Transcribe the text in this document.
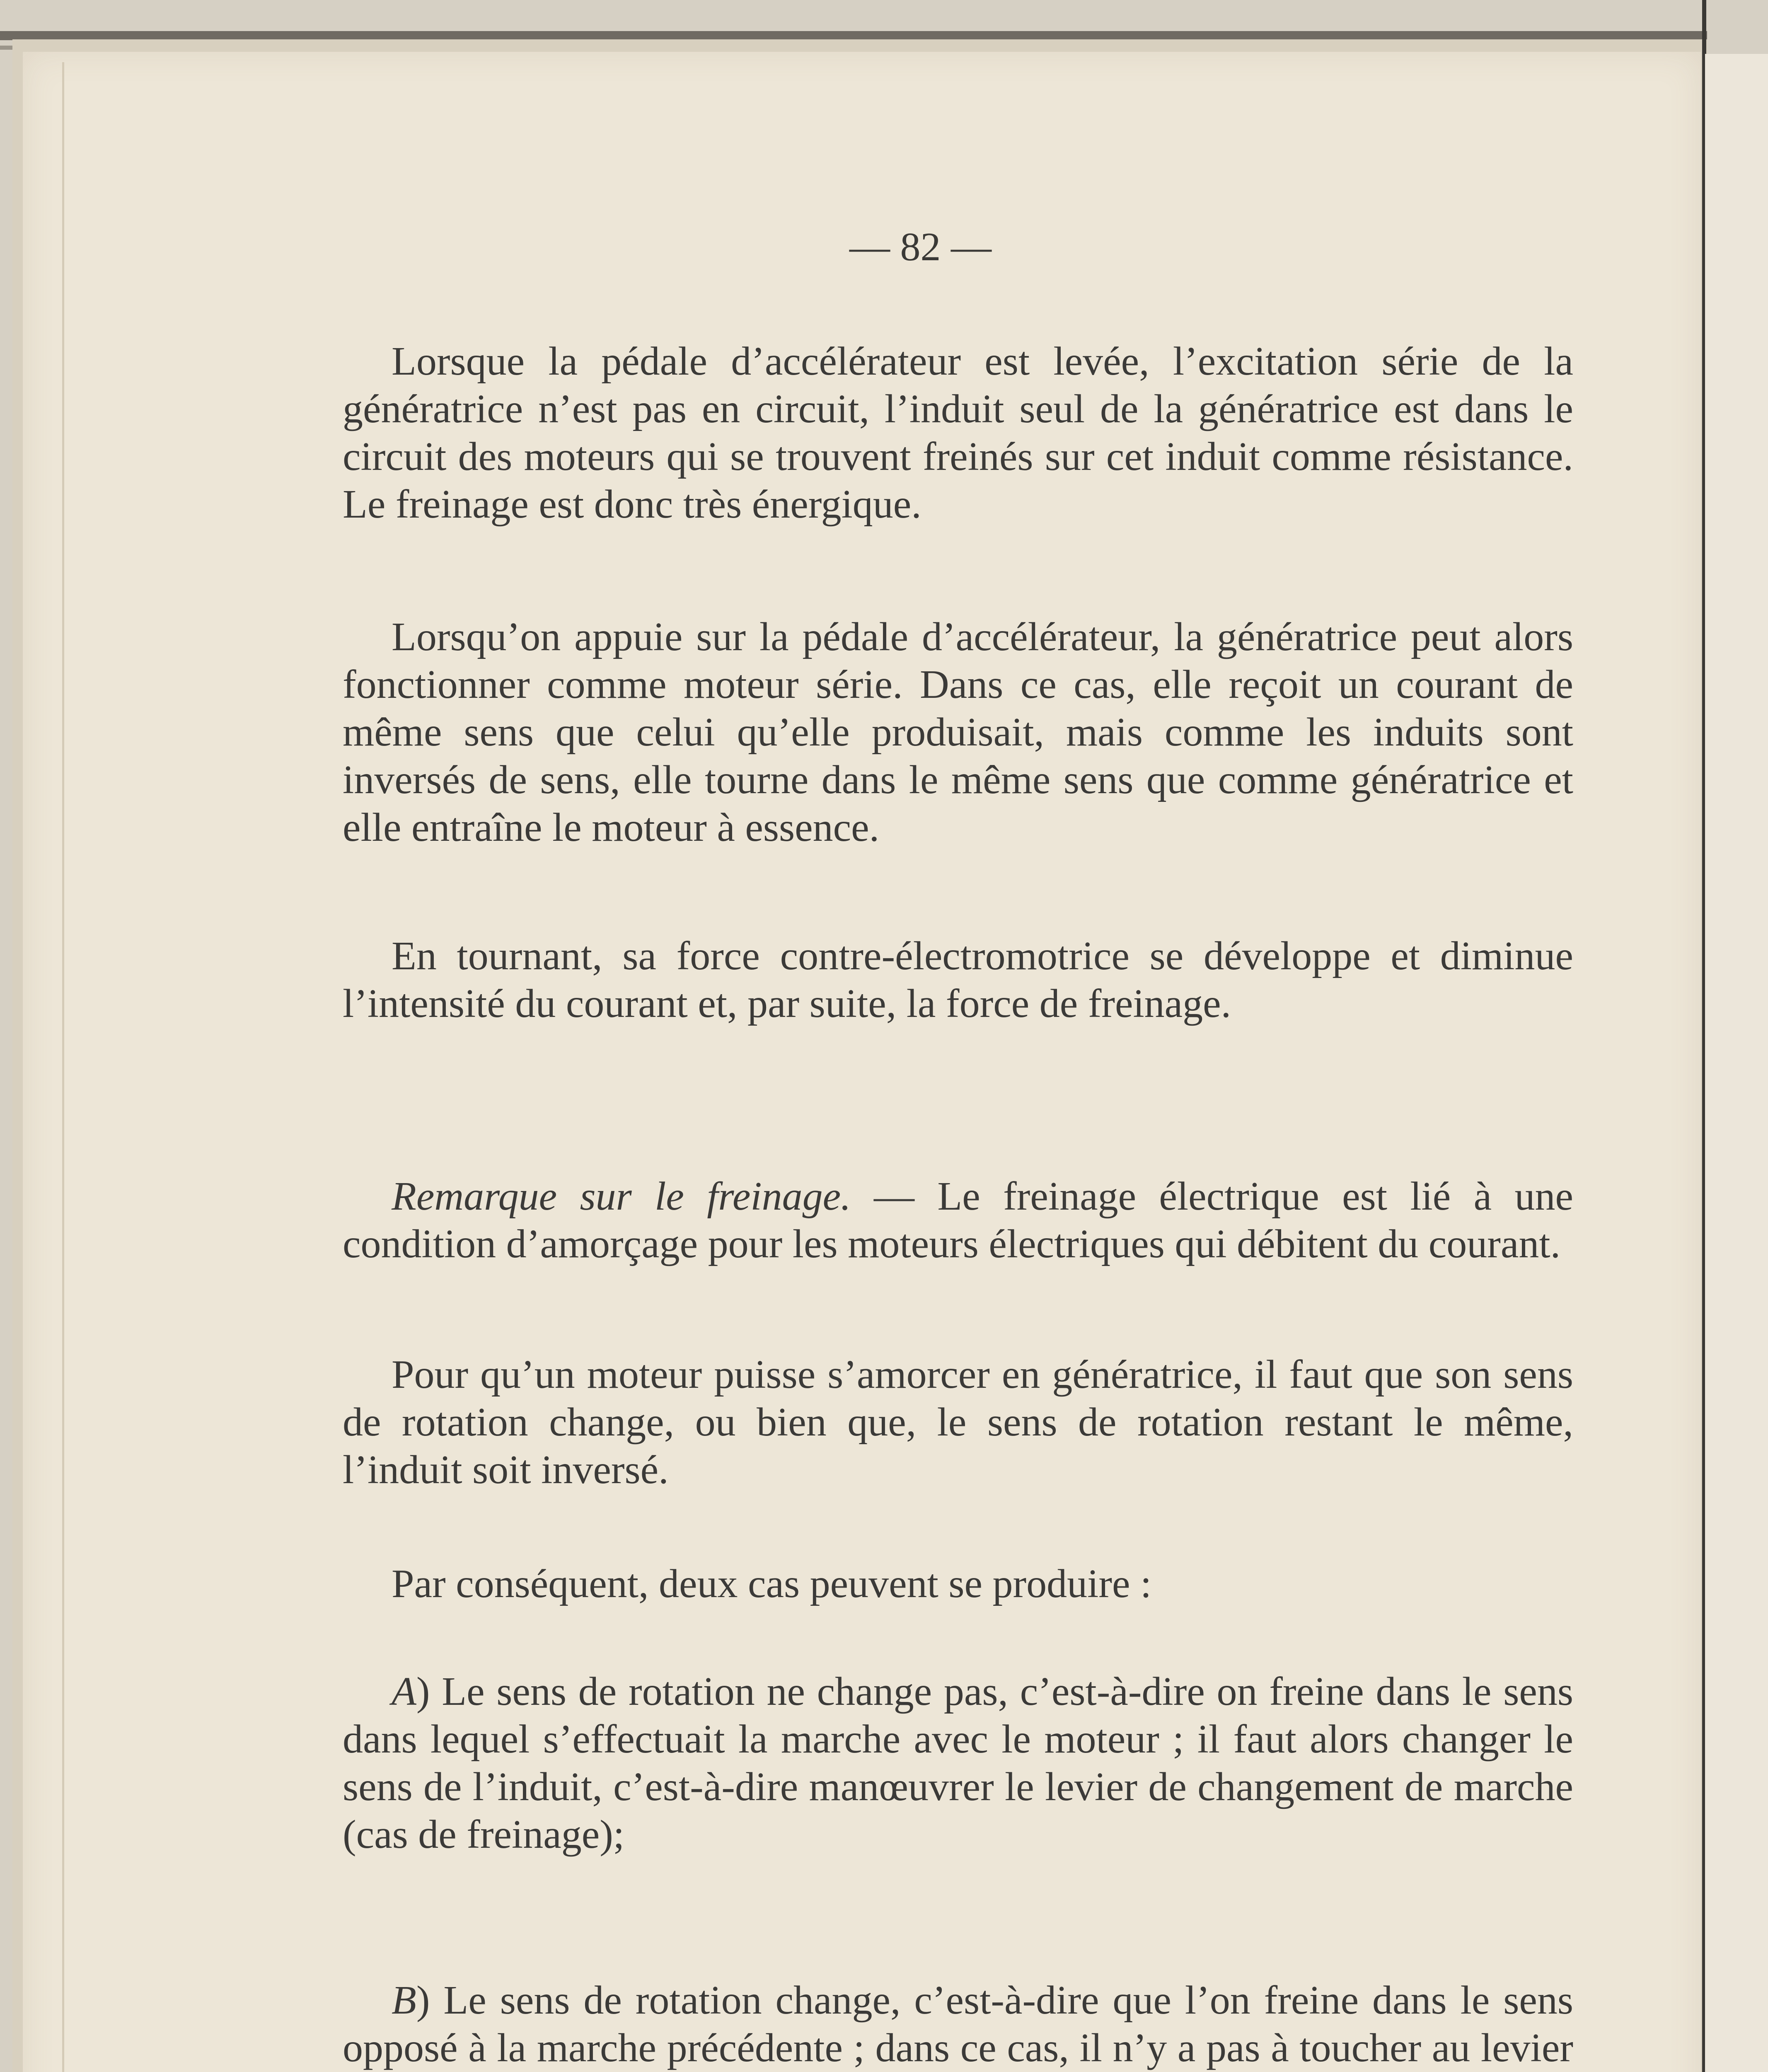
— 82 —

Lorsque la pédale d’accélérateur est levée, l’excitation série de la génératrice n’est pas en circuit, l’induit seul de la génératrice est dans le circuit des moteurs qui se trouvent freinés sur cet induit comme résistance. Le freinage est donc très énergique.

Lorsqu’on appuie sur la pédale d’accélérateur, la génératrice peut alors fonctionner comme moteur série. Dans ce cas, elle reçoit un courant de même sens que celui qu’elle produisait, mais comme les induits sont inversés de sens, elle tourne dans le même sens que comme génératrice et elle entraîne le moteur à essence.

En tournant, sa force contre-électromotrice se développe et diminue l’intensité du courant et, par suite, la force de freinage.

Remarque sur le freinage. — Le freinage électrique est lié à une condition d’amorçage pour les moteurs électriques qui débitent du courant.

Pour qu’un moteur puisse s’amorcer en génératrice, il faut que son sens de rotation change, ou bien que, le sens de rotation restant le même, l’induit soit inversé.

Par conséquent, deux cas peuvent se produire :

A) Le sens de rotation ne change pas, c’est-à-dire on freine dans le sens dans lequel s’effectuait la marche avec le moteur ; il faut alors changer le sens de l’induit, c’est-à-dire manœuvrer le levier de changement de marche (cas de freinage);

B) Le sens de rotation change, c’est-à-dire que l’on freine dans le sens opposé à la marche précédente ; dans ce cas, il n’y a pas à toucher au levier
